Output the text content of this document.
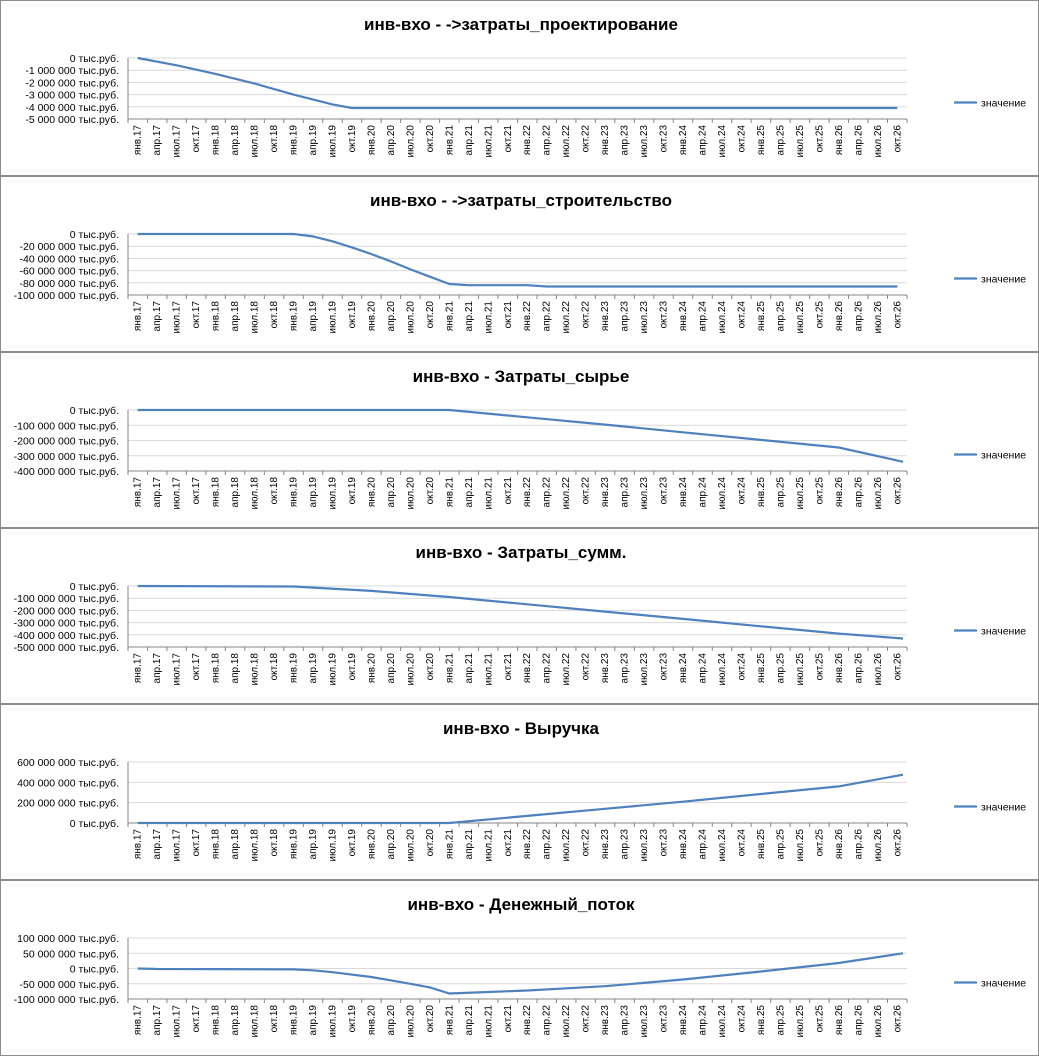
инв-вхо - ->затраты_проектирование
0 тыс.руб.
-1 000 000 тыс.руб.
-2 000 000 тыс.руб.
-3 000 000 тыс.руб.
-4 000 000 тыс.руб.
-5 000 000 тыс.руб.
янв.17 апр.17 июл.17 окт.17 янв.18 апр.18 июл.18 окт.18 янв.19 апр.19 июл.19 окт.19 янв.20 апр.20 июл.20 окт.20 янв.21 апр.21 июл.21 окт.21 янв.22 апр.22 июл.22 окт.22 янв.23 апр.23 июл.23 окт.23 янв.24 апр.24 июл.24 окт.24 янв.25 апр.25 июл.25 окт.25 янв.26 апр.26 июл.26 окт.26
значение
инв-вхо - ->затраты_строительство
0 тыс.руб.
-20 000 000 тыс.руб.
-40 000 000 тыс.руб.
-60 000 000 тыс.руб.
-80 000 000 тыс.руб.
-100 000 000 тыс.руб.
янв.17 апр.17 июл.17 окт.17 янв.18 апр.18 июл.18 окт.18 янв.19 апр.19 июл.19 окт.19 янв.20 апр.20 июл.20 окт.20 янв.21 апр.21 июл.21 окт.21 янв.22 апр.22 июл.22 окт.22 янв.23 апр.23 июл.23 окт.23 янв.24 апр.24 июл.24 окт.24 янв.25 апр.25 июл.25 окт.25 янв.26 апр.26 июл.26 окт.26
значение
инв-вхо - Затраты_сырье
0 тыс.руб.
-100 000 000 тыс.руб.
-200 000 000 тыс.руб.
-300 000 000 тыс.руб.
-400 000 000 тыс.руб.
янв.17 апр.17 июл.17 окт.17 янв.18 апр.18 июл.18 окт.18 янв.19 апр.19 июл.19 окт.19 янв.20 апр.20 июл.20 окт.20 янв.21 апр.21 июл.21 окт.21 янв.22 апр.22 июл.22 окт.22 янв.23 апр.23 июл.23 окт.23 янв.24 апр.24 июл.24 окт.24 янв.25 апр.25 июл.25 окт.25 янв.26 апр.26 июл.26 окт.26
значение
инв-вхо - Затраты_сумм.
0 тыс.руб.
-100 000 000 тыс.руб.
-200 000 000 тыс.руб.
-300 000 000 тыс.руб.
-400 000 000 тыс.руб.
-500 000 000 тыс.руб.
янв.17 апр.17 июл.17 окт.17 янв.18 апр.18 июл.18 окт.18 янв.19 апр.19 июл.19 окт.19 янв.20 апр.20 июл.20 окт.20 янв.21 апр.21 июл.21 окт.21 янв.22 апр.22 июл.22 окт.22 янв.23 апр.23 июл.23 окт.23 янв.24 апр.24 июл.24 окт.24 янв.25 апр.25 июл.25 окт.25 янв.26 апр.26 июл.26 окт.26
значение
инв-вхо - Выручка
600 000 000 тыс.руб.
400 000 000 тыс.руб.
200 000 000 тыс.руб.
0 тыс.руб.
янв.17 апр.17 июл.17 окт.17 янв.18 апр.18 июл.18 окт.18 янв.19 апр.19 июл.19 окт.19 янв.20 апр.20 июл.20 окт.20 янв.21 апр.21 июл.21 окт.21 янв.22 апр.22 июл.22 окт.22 янв.23 апр.23 июл.23 окт.23 янв.24 апр.24 июл.24 окт.24 янв.25 апр.25 июл.25 окт.25 янв.26 апр.26 июл.26 окт.26
значение
инв-вхо - Денежный_поток
100 000 000 тыс.руб.
50 000 000 тыс.руб.
0 тыс.руб.
-50 000 000 тыс.руб.
-100 000 000 тыс.руб.
янв.17 апр.17 июл.17 окт.17 янв.18 апр.18 июл.18 окт.18 янв.19 апр.19 июл.19 окт.19 янв.20 апр.20 июл.20 окт.20 янв.21 апр.21 июл.21 окт.21 янв.22 апр.22 июл.22 окт.22 янв.23 апр.23 июл.23 окт.23 янв.24 апр.24 июл.24 окт.24 янв.25 апр.25 июл.25 окт.25 янв.26 апр.26 июл.26 окт.26
значение
